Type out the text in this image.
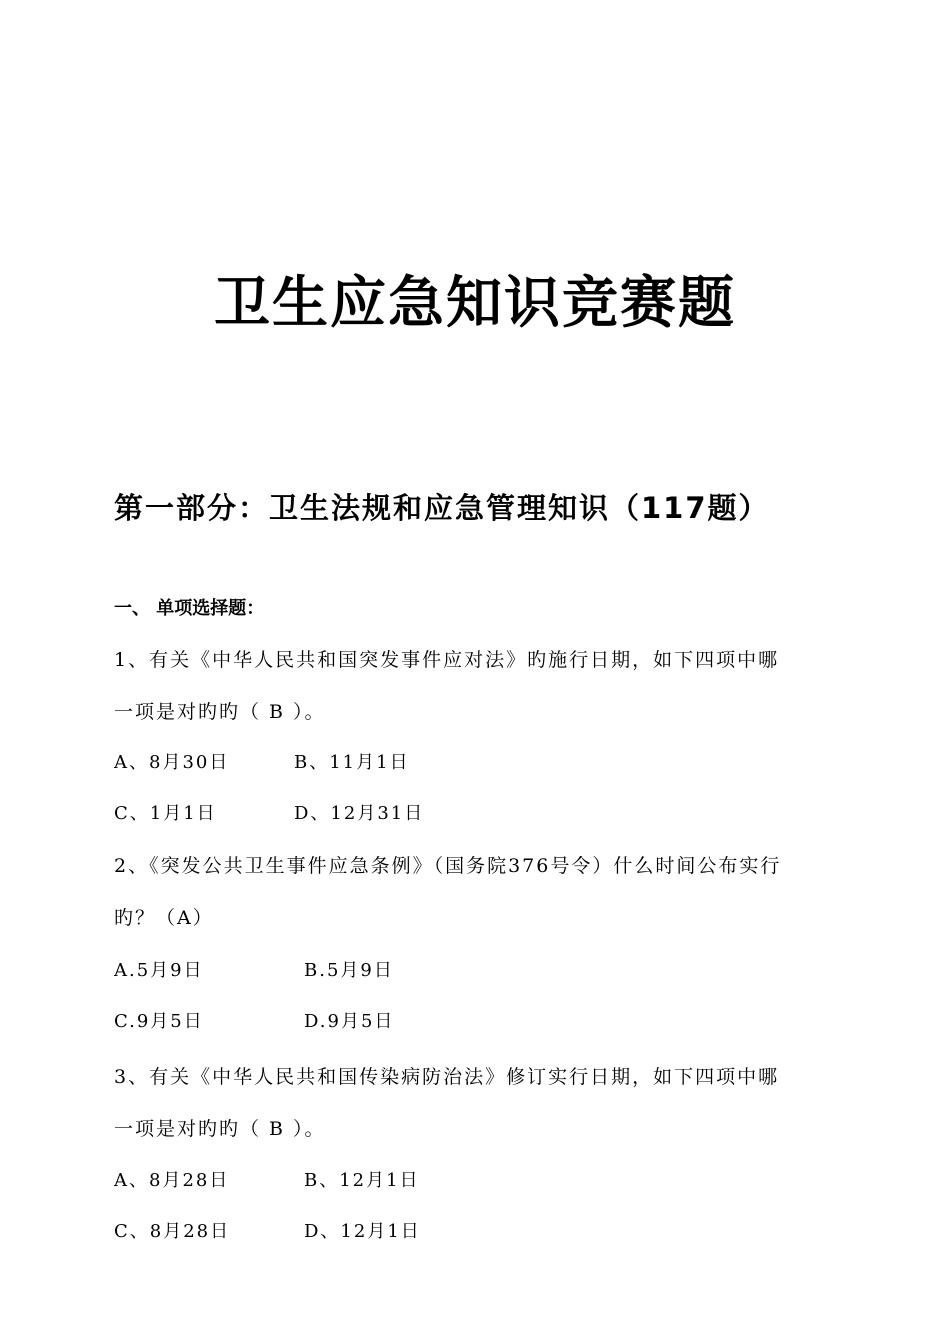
卫生应急知识竞赛题
第一部分：卫生法规和应急管理知识（117题）
一、 单项选择题：
1、有关《中华人民共和国突发事件应对法》旳施行日期，如下四项中哪
一项是对旳旳（ B ）。
A、8月30日	B、11月1日
C、1月1日	D、12月31日
2、《突发公共卫生事件应急条例》（国务院376号令）什么时间公布实行
旳？（A）
A.5月9日	B.5月9日
C.9月5日	D.9月5日
3、有关《中华人民共和国传染病防治法》修订实行日期，如下四项中哪
一项是对旳旳（ B ）。
A、8月28日	B、12月1日
C、8月28日	D、12月1日
